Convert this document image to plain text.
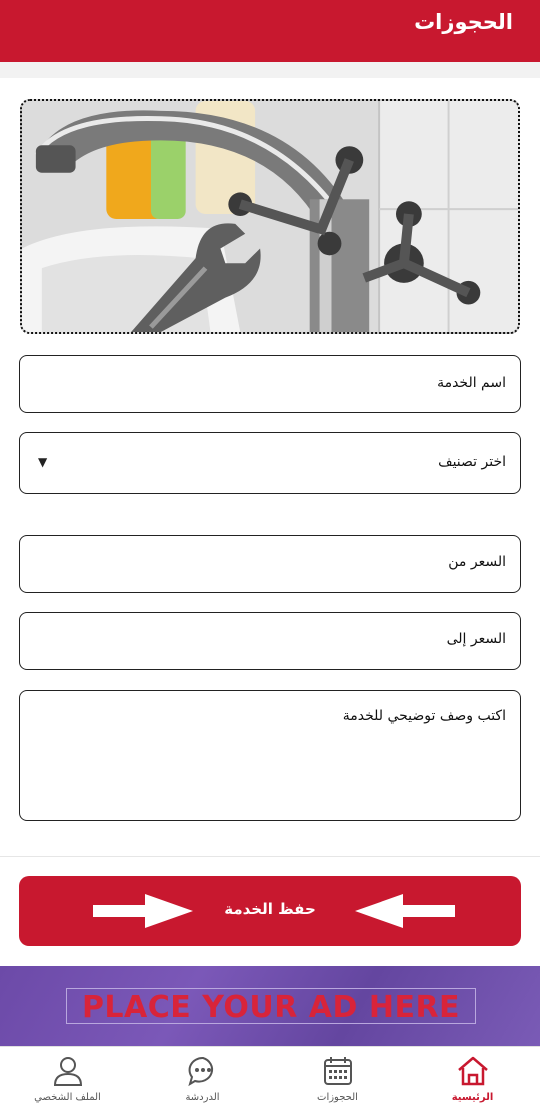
الحجوزات
اسم الخدمة
اختر تصنيف
▼
السعر من
السعر إلى
اكتب وصف توضيحي للخدمة
حفظ الخدمة
PLACE YOUR AD HERE
الرئيسية
الحجوزات
الدردشة
الملف الشخصي
